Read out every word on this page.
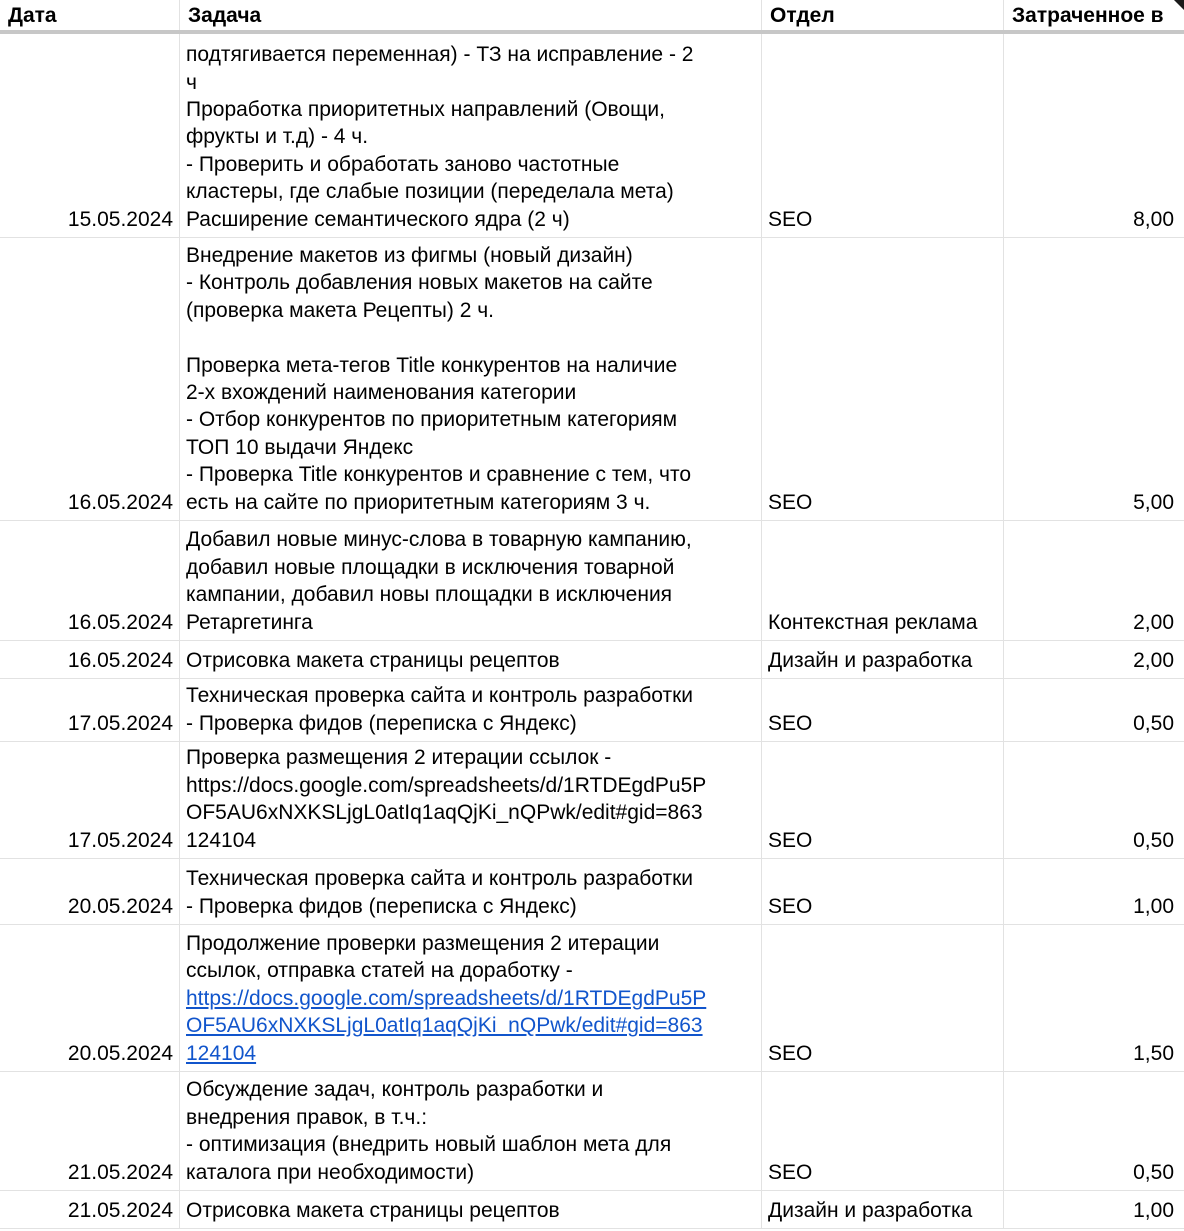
Дата	Задача	Отдел	Затраченное в
15.05.2024
подтягивается переменная) - ТЗ на исправление - 2
ч
Проработка приоритетных направлений (Овощи,
фрукты и т.д) - 4 ч.
- Проверить и обработать заново частотные
кластеры, где слабые позиции (переделала мета)
Расширение семантического ядра (2 ч)	SEO	8,00
16.05.2024
Внедрение макетов из фигмы (новый дизайн)
- Контроль добавления новых макетов на сайте
(проверка макета Рецепты) 2 ч.
Проверка мета-тегов Title конкурентов на наличие
2-х вхождений наименования категории
- Отбор конкурентов по приоритетным категориям
ТОП 10 выдачи Яндекс
- Проверка Title конкурентов и сравнение с тем, что
есть на сайте по приоритетным категориям 3 ч.	SEO	5,00
16.05.2024
Добавил новые минус-слова в товарную кампанию,
добавил новые площадки в исключения товарной
кампании, добавил новы площадки в исключения
Ретаргетинга	Контекстная реклама	2,00
16.05.2024 Отрисовка макета страницы рецептов	Дизайн и разработка	2,00
17.05.2024
Техническая проверка сайта и контроль разработки
- Проверка фидов (переписка с Яндекс)	SEO	0,50
17.05.2024
Проверка размещения 2 итерации ссылок -
https://docs.google.com/spreadsheets/d/1RTDEgdPu5P
OF5AU6xNXKSLjgL0atIq1aqQjKi_nQPwk/edit#gid=863
124104	SEO	0,50
20.05.2024
Техническая проверка сайта и контроль разработки
- Проверка фидов (переписка с Яндекс)	SEO	1,00
20.05.2024
Продолжение проверки размещения 2 итерации
ссылок, отправка статей на доработку -
https://docs.google.com/spreadsheets/d/1RTDEgdPu5P
OF5AU6xNXKSLjgL0atIq1aqQjKi_nQPwk/edit#gid=863
124104	SEO	1,50
21.05.2024
Обсуждение задач, контроль разработки и
внедрения правок, в т.ч.:
- оптимизация (внедрить новый шаблон мета для
каталога при необходимости)	SEO	0,50
21.05.2024 Отрисовка макета страницы рецептов	Дизайн и разработка	1,00
